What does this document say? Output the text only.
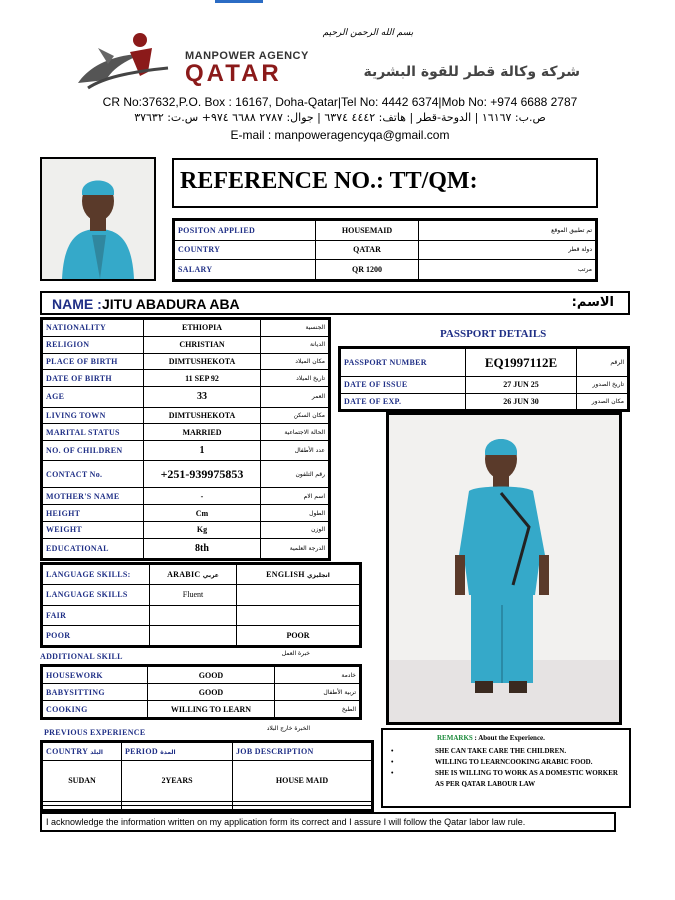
بسم الله الرحمن الرحيم
MANPOWER AGENCY
QATAR	شركة وكالة قطر للقوة البشرية
CR No:37632,P.O. Box : 16167, Doha-Qatar|Tel No: 4442 6374|Mob No: +974 6688 2787
ص.ب: ١٦١٦٧ | الدوحة-قطر | هاتف: ٤٤٤٢ ٦٣٧٤ | جوال: ٢٧٨٧ ٦٦٨٨ ٩٧٤+ س.ت: ٣٧٦٣٢
E-mail : manpoweragencyqa@gmail.com
REFERENCE NO.: TT/QM:
POSITON APPLIED	HOUSEMAID	تم تطبيق الموقع
COUNTRY	QATAR	دولة قطر
SALARY	QR 1200	مرتب
NAME : JITU ABADURA ABA	الاسم:
NATIONALITY	ETHIOPIA	الجنسية
RELIGION	CHRISTIAN	الديانة
PLACE OF BIRTH	DIMTUSHEKOTA	مكان الميلاد
DATE OF BIRTH	11 SEP 92	تاريخ الميلاد
AGE	33	العمر
LIVING TOWN	DIMTUSHEKOTA	مكان السكن
MARITAL STATUS	MARRIED	الحالة الاجتماعية
NO. OF CHILDREN	1	عدد الأطفال
CONTACT No.	+251-939975853	رقم التلفون
MOTHER'S NAME	-	اسم الام
HEIGHT	Cm	الطول
WEIGHT	Kg	الوزن
EDUCATIONAL	8th	الدرجة العلمية
PASSPORT DETAILS
PASSPORT NUMBER	EQ1997112E	الرقم
DATE OF ISSUE	27 JUN 25	تاريخ الصدور
DATE OF EXP.	26 JUN 30	مكان الصدور
LANGUAGE SKILLS:	ARABIC عربي	ENGLISH انجليزي
LANGUAGE SKILLS	Fluent	
FAIR		
POOR		POOR
ADDITIONAL SKILL	خبرة العمل
HOUSEWORK	GOOD	خادمة
BABYSITTING	GOOD	تربية الأطفال
COOKING	WILLING TO LEARN	الطبخ
PREVIOUS EXPERIENCE	الخبرة خارج البلاد
COUNTRY البلد	PERIOD المدة	JOB DESCRIPTION
SUDAN	2YEARS	HOUSE MAID

REMARKS : About the Experience.
•	SHE CAN TAKE CARE THE CHILDREN.
•	WILLING TO LEARNCOOKING ARABIC FOOD.
•	SHE IS WILLING TO WORK AS A DOMESTIC WORKER AS PER QATAR LABOUR LAW
I acknowledge the information written on my application form its correct and I assure I will follow the Qatar labor law rule.
